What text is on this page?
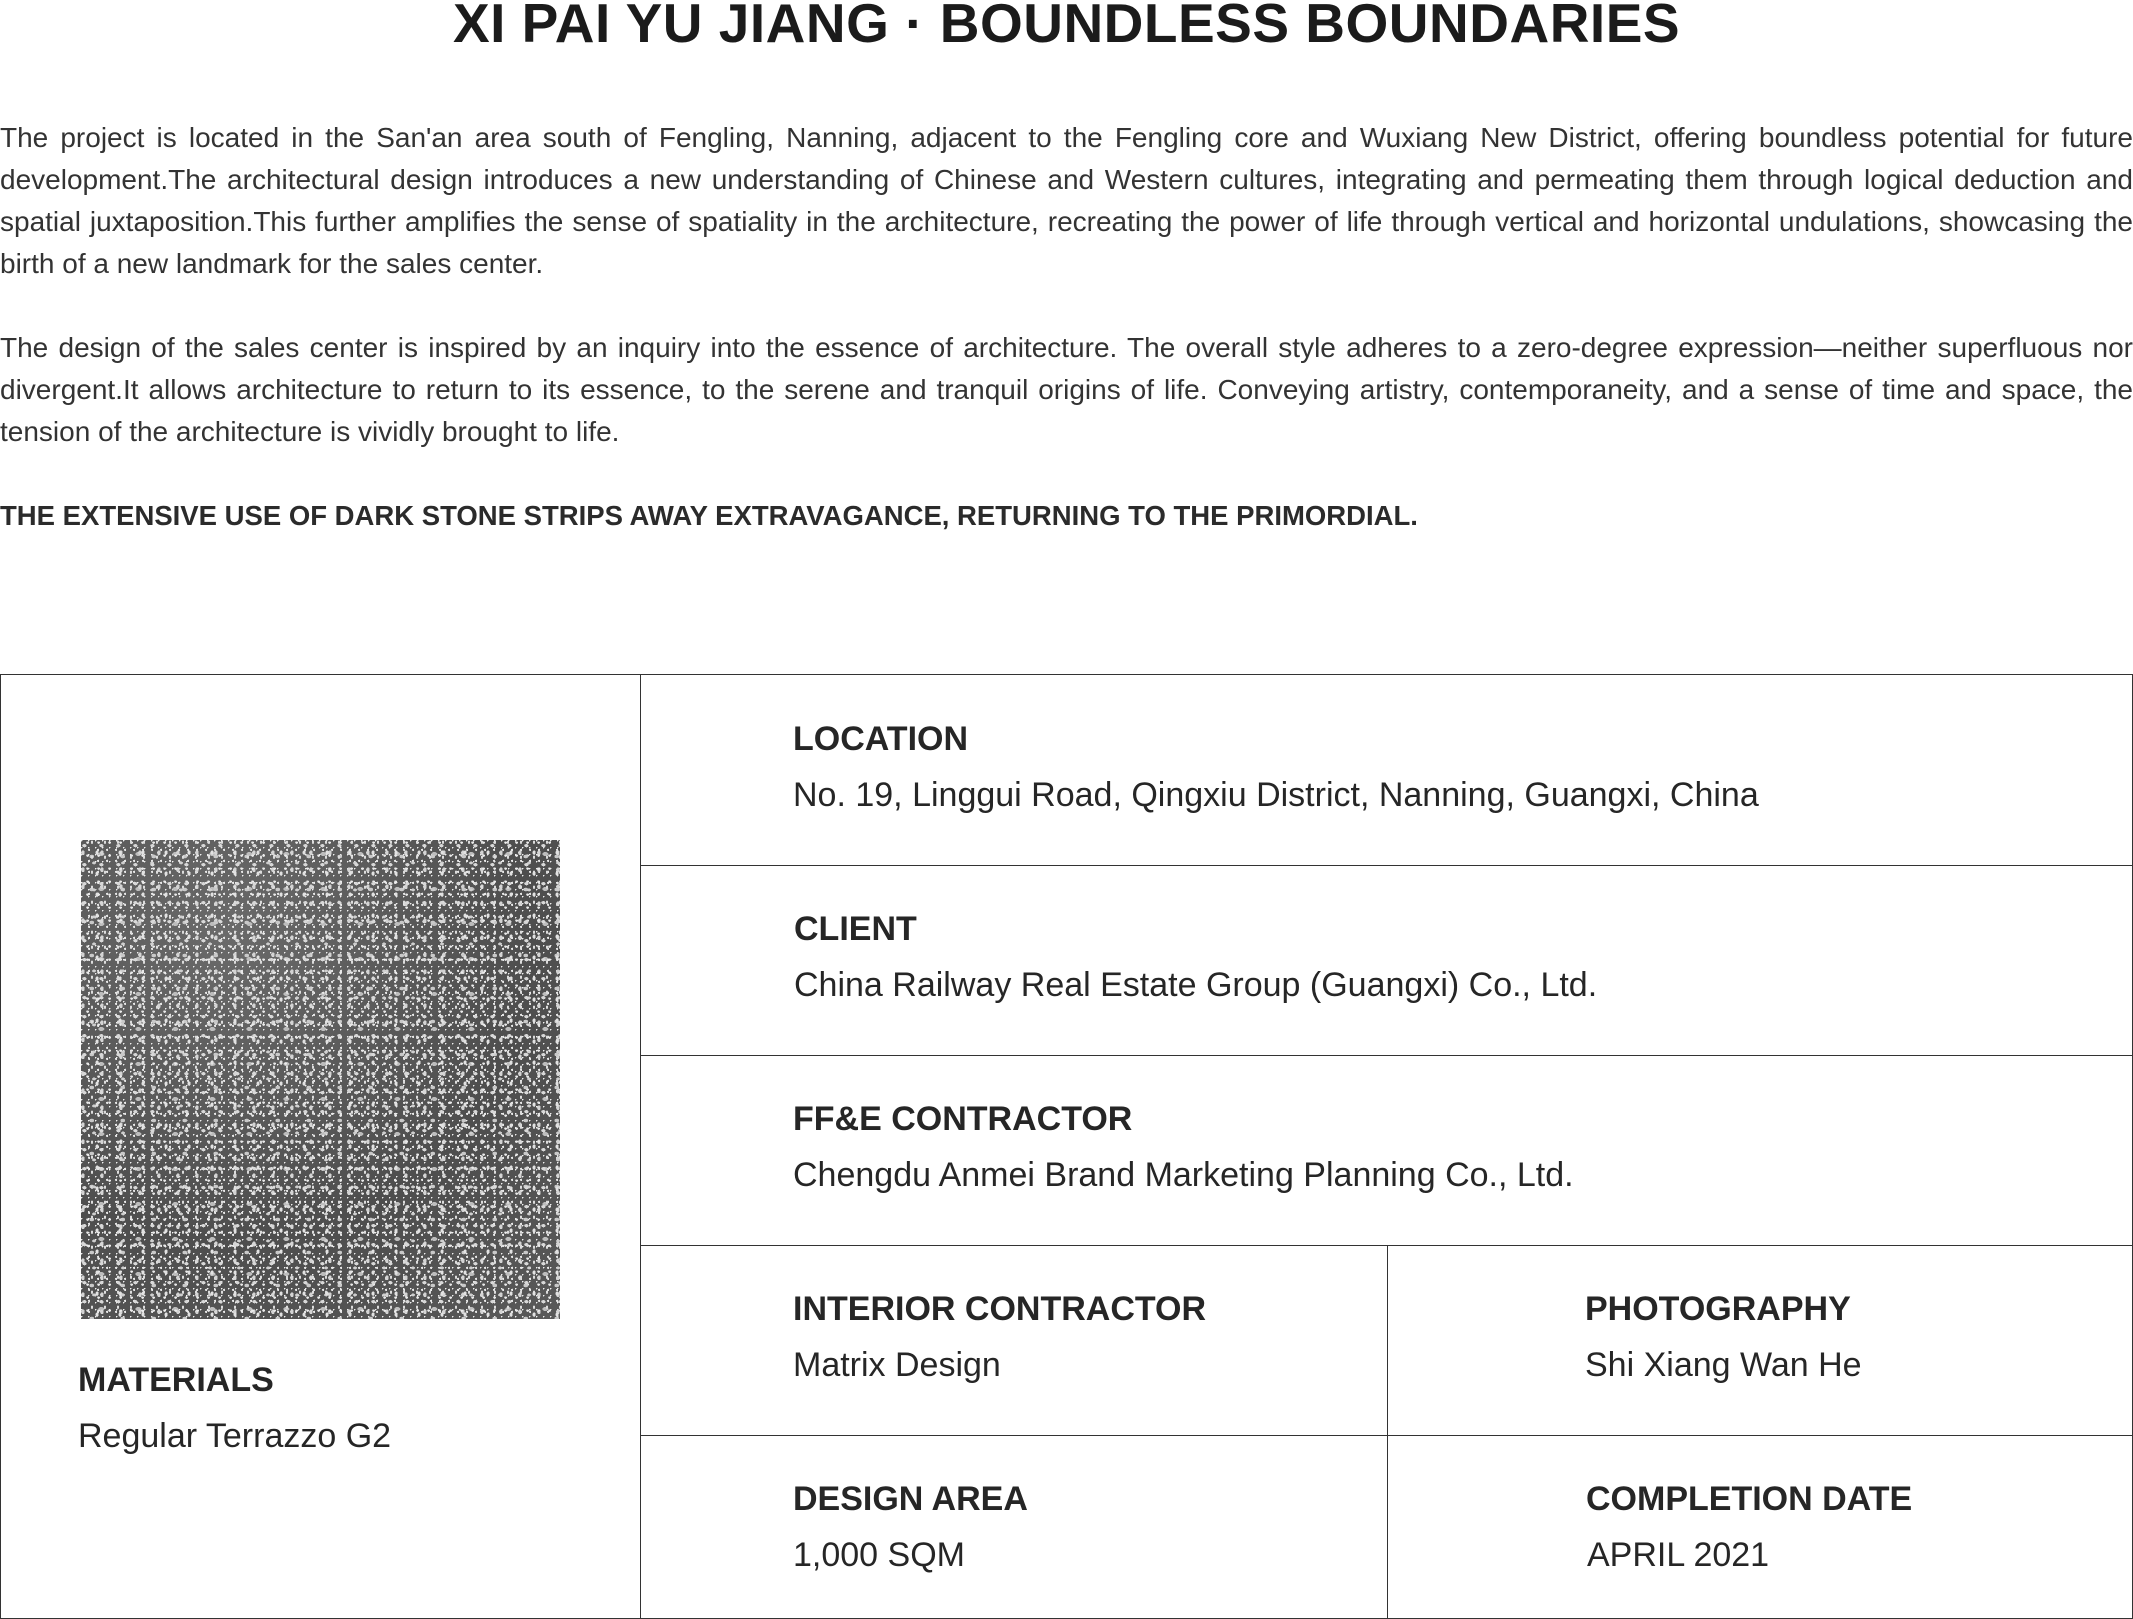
XI PAI YU JIANG · BOUNDLESS BOUNDARIES

The project is located in the San'an area south of Fengling, Nanning, adjacent to the Fengling core and Wuxiang New District, offering boundless potential for future development.The architectural design introduces a new understanding of Chinese and Western cultures, integrating and permeating them through logical deduction and spatial juxtaposition.This further amplifies the sense of spatiality in the architecture, recreating the power of life through vertical and horizontal undulations, showcasing the birth of a new landmark for the sales center.

The design of the sales center is inspired by an inquiry into the essence of architecture. The overall style adheres to a zero-degree expression—neither superfluous nor divergent.It allows architecture to return to its essence, to the serene and tranquil origins of life. Conveying artistry, contemporaneity, and a sense of time and space, the tension of the architecture is vividly brought to life.

THE EXTENSIVE USE OF DARK STONE STRIPS AWAY EXTRAVAGANCE, RETURNING TO THE PRIMORDIAL.

MATERIALS

Regular Terrazzo G2

LOCATION

No. 19, Linggui Road, Qingxiu District, Nanning, Guangxi, China

CLIENT

China Railway Real Estate Group (Guangxi) Co., Ltd.

FF&E CONTRACTOR

Chengdu Anmei Brand Marketing Planning Co., Ltd.

INTERIOR CONTRACTOR

Matrix Design

PHOTOGRAPHY

Shi Xiang Wan He

DESIGN AREA

1,000 SQM

COMPLETION DATE

APRIL 2021
